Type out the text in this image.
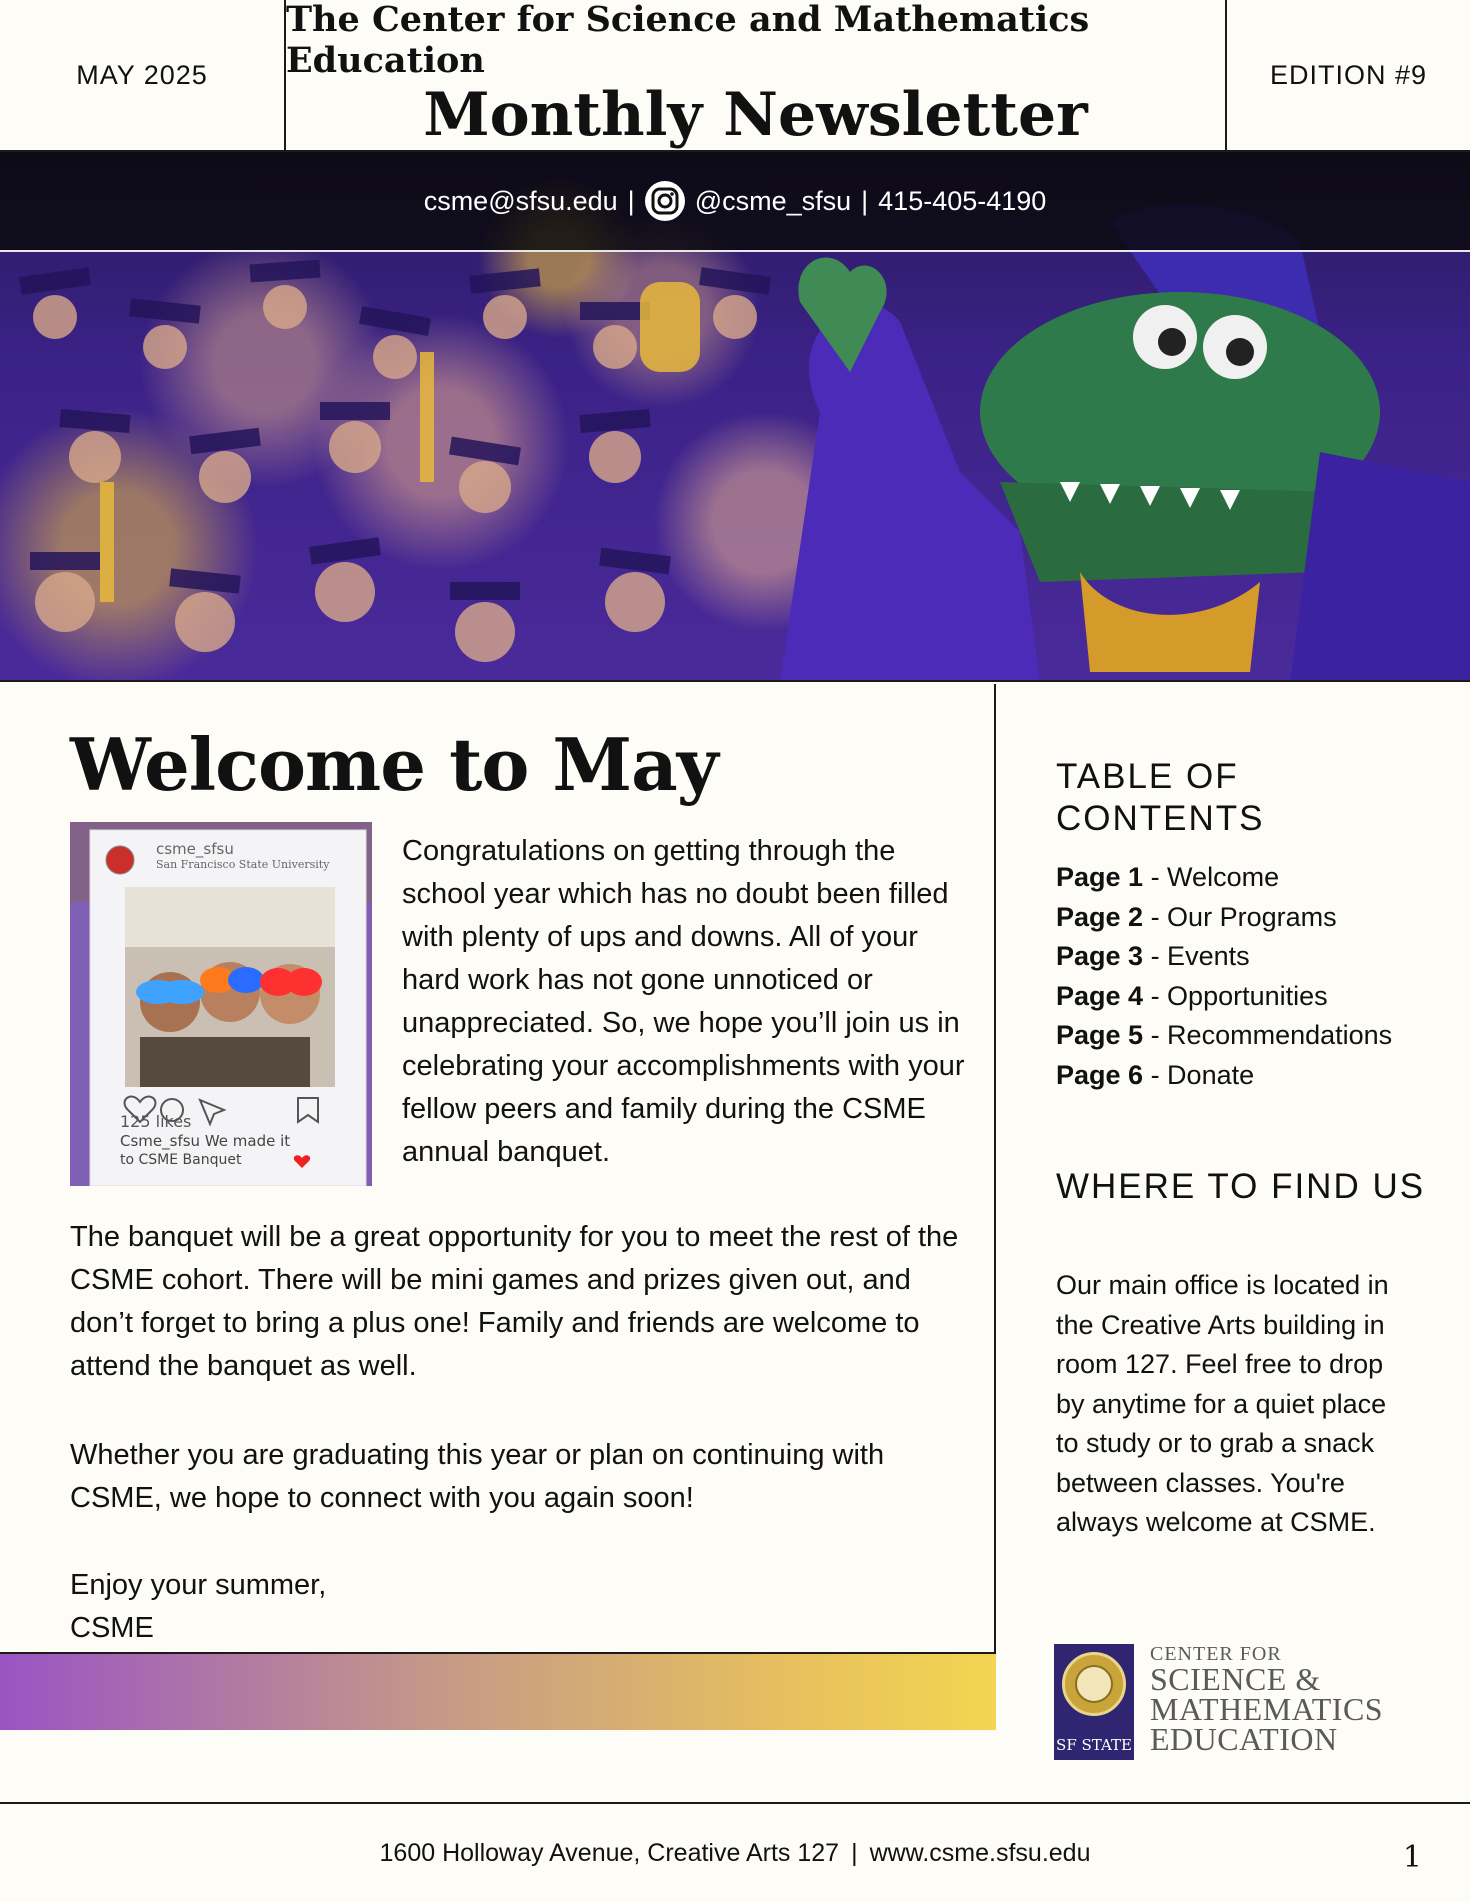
MAY 2025
The Center for Science and Mathematics Education
Monthly Newsletter
EDITION #9
csme@sfsu.edu | @csme_sfsu | 415-405-4190
Welcome to May
csme_sfsu
San Francisco State University
125 likes
Csme_sfsu We made it
to CSME Banquet

Congratulations on getting through the school year which has no doubt been filled with plenty of ups and downs. All of your hard work has not gone unnoticed or unappreciated. So, we hope you’ll join us in celebrating your accomplishments with your fellow peers and family during the CSME annual banquet.

The banquet will be a great opportunity for you to meet the rest of the CSME cohort. There will be mini games and prizes given out, and don’t forget to bring a plus one! Family and friends are welcome to attend the banquet as well.

Whether you are graduating this year or plan on continuing with CSME, we hope to connect with you again soon!

Enjoy your summer,
CSME
TABLE OF CONTENTS
Page 1 - Welcome
Page 2 - Our Programs
Page 3 - Events
Page 4 - Opportunities
Page 5 - Recommendations
Page 6 - Donate
WHERE TO FIND US

Our main office is located in the Creative Arts building in room 127. Feel free to drop by anytime for a quiet place to study or to grab a snack between classes. You're always welcome at CSME.

SF STATE
CENTER FOR
SCIENCE &
MATHEMATICS
EDUCATION
1600 Holloway Avenue, Creative Arts 127 | www.csme.sfsu.edu	1
